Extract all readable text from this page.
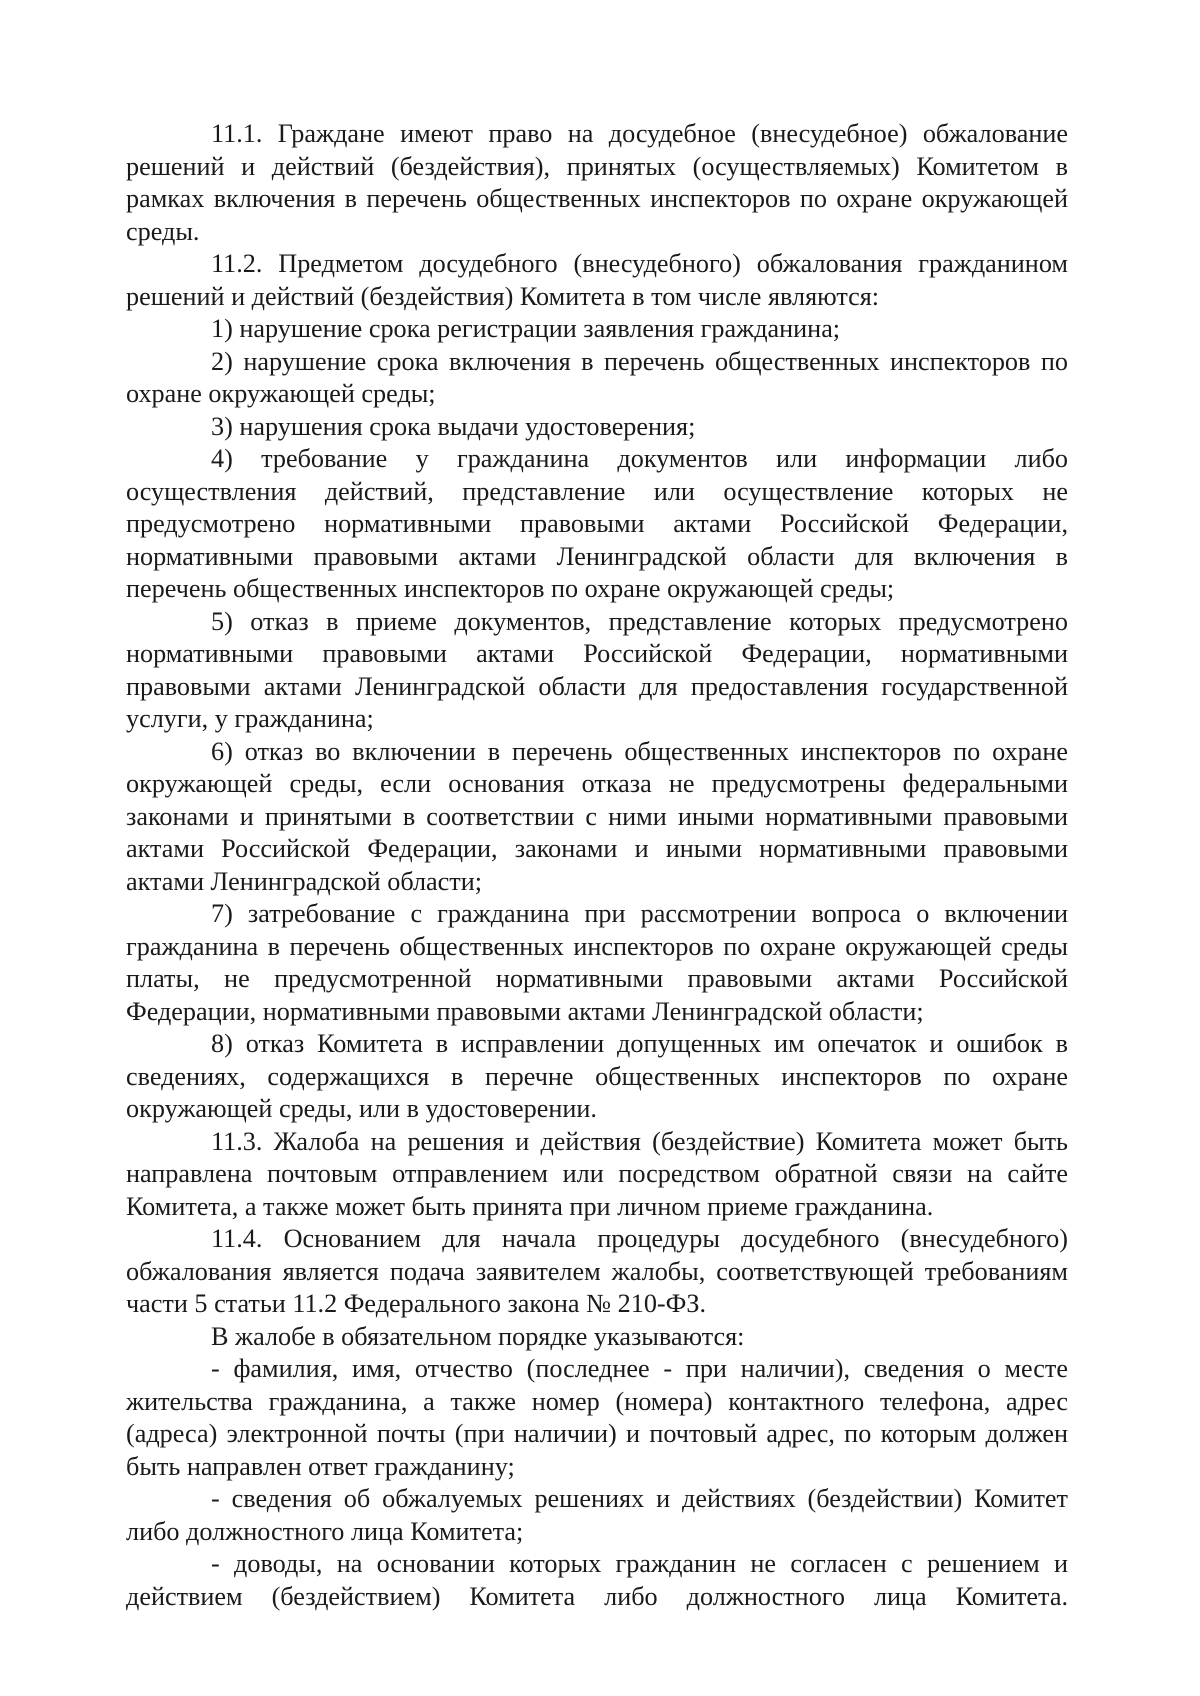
11.1. Граждане имеют право на досудебное (внесудебное) обжалование решений и действий (бездействия), принятых (осуществляемых) Комитетом в рамках включения в перечень общественных инспекторов по охране окружающей среды.

11.2. Предметом досудебного (внесудебного) обжалования гражданином решений и действий (бездействия) Комитета в том числе являются:

1) нарушение срока регистрации заявления гражданина;

2) нарушение срока включения в перечень общественных инспекторов по охране окружающей среды;

3) нарушения срока выдачи удостоверения;

4) требование у гражданина документов или информации либо осуществления действий, представление или осуществление которых не предусмотрено нормативными правовыми актами Российской Федерации, нормативными правовыми актами Ленинградской области для включения в перечень общественных инспекторов по охране окружающей среды;

5) отказ в приеме документов, представление которых предусмотрено нормативными правовыми актами Российской Федерации, нормативными правовыми актами Ленинградской области для предоставления государственной услуги, у гражданина;

6) отказ во включении в перечень общественных инспекторов по охране окружающей среды, если основания отказа не предусмотрены федеральными законами и принятыми в соответствии с ними иными нормативными правовыми актами Российской Федерации, законами и иными нормативными правовыми актами Ленинградской области;

7) затребование с гражданина при рассмотрении вопроса о включении гражданина в перечень общественных инспекторов по охране окружающей среды платы, не предусмотренной нормативными правовыми актами Российской Федерации, нормативными правовыми актами Ленинградской области;

8) отказ Комитета в исправлении допущенных им опечаток и ошибок в сведениях, содержащихся в перечне общественных инспекторов по охране окружающей среды, или в удостоверении.

11.3. Жалоба на решения и действия (бездействие) Комитета может быть направлена почтовым отправлением или посредством обратной связи на сайте Комитета, а также может быть принята при личном приеме гражданина.

11.4. Основанием для начала процедуры досудебного (внесудебного) обжалования является подача заявителем жалобы, соответствующей требованиям части 5 статьи 11.2 Федерального закона № 210-ФЗ.

В жалобе в обязательном порядке указываются:

- фамилия, имя, отчество (последнее - при наличии), сведения о месте жительства гражданина, а также номер (номера) контактного телефона, адрес (адреса) электронной почты (при наличии) и почтовый адрес, по которым должен быть направлен ответ гражданину;

- сведения об обжалуемых решениях и действиях (бездействии) Комитет либо должностного лица Комитета;

- доводы, на основании которых гражданин не согласен с решением и действием (бездействием) Комитета либо должностного лица Комитета.
